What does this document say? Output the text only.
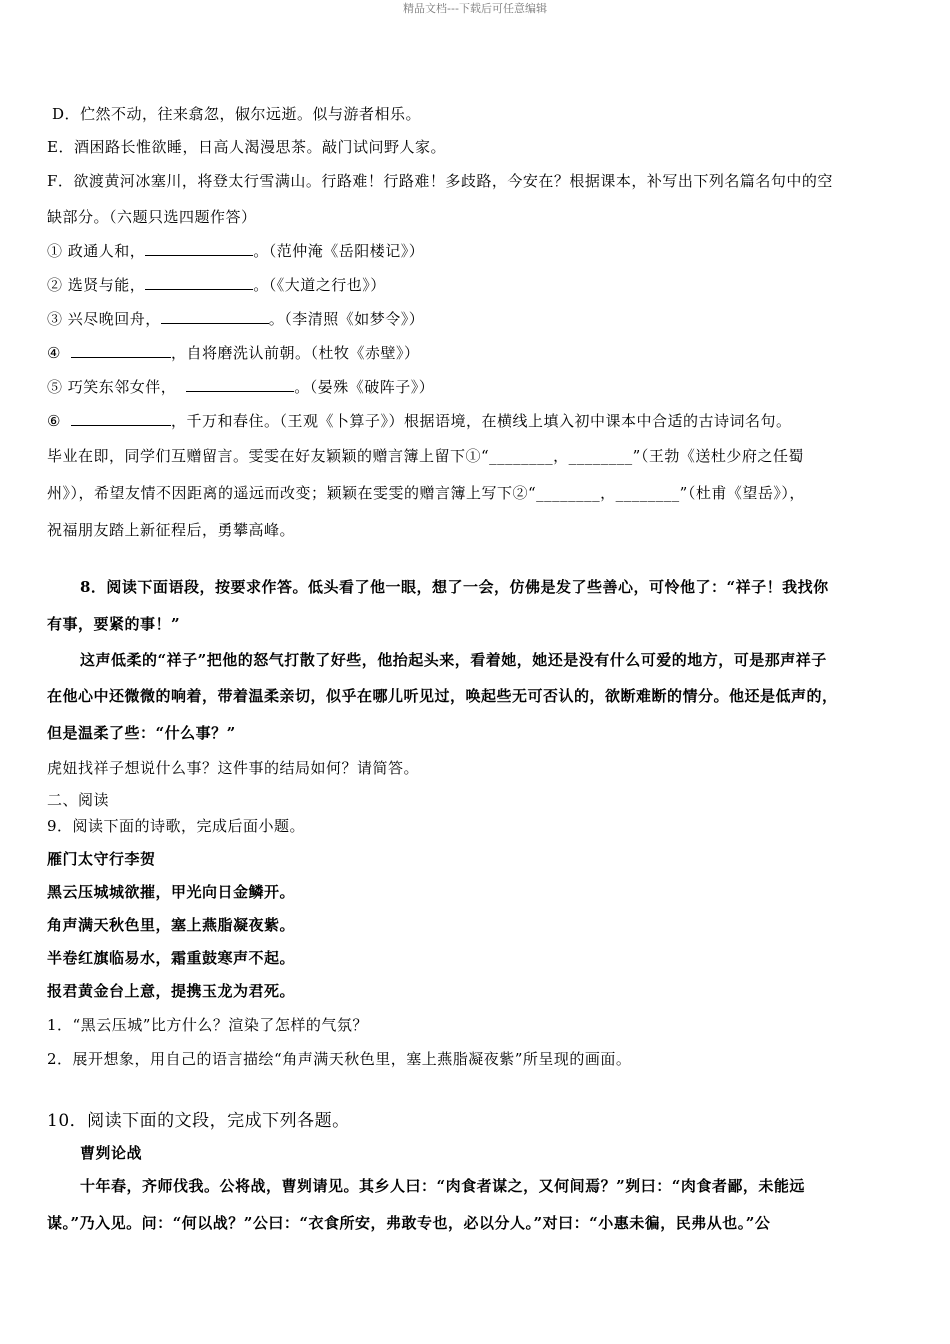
精品文档---下载后可任意编辑
D．伫然不动，往来翕忽，俶尔远逝。似与游者相乐。
E．酒困路长惟欲睡，日高人渴漫思茶。敲门试问野人家。
F．欲渡黄河冰塞川，将登太行雪满山。行路难！行路难！多歧路，今安在？根据课本，补写出下列名篇名句中的空
缺部分。（六题只选四题作答）
① 政通人和，	。（范仲淹《岳阳楼记》）
② 选贤与能，	。（《大道之行也》）
③ 兴尽晚回舟，	。（李清照《如梦令》）
④	，自将磨洗认前朝。（杜牧《赤壁》）
⑤ 巧笑东邻女伴，	。（晏殊《破阵子》）
⑥	，千万和春住。（王观《卜算子》）根据语境，在横线上填入初中课本中合适的古诗词名句。
毕业在即，同学们互赠留言。雯雯在好友颖颖的赠言簿上留下①“________，________”（王勃《送杜少府之任蜀
州》），希望友情不因距离的遥远而改变；颖颖在雯雯的赠言簿上写下②“________，________”（杜甫《望岳》），
祝福朋友踏上新征程后，勇攀高峰。
8．阅读下面语段，按要求作答。低头看了他一眼，想了一会，仿佛是发了些善心，可怜他了：“祥子！我找你
有事，要紧的事！”
这声低柔的“祥子”把他的怒气打散了好些，他抬起头来，看着她，她还是没有什么可爱的地方，可是那声祥子
在他心中还微微的响着，带着温柔亲切，似乎在哪儿听见过，唤起些无可否认的，欲断难断的情分。他还是低声的，
但是温柔了些：“什么事？”
虎妞找祥子想说什么事？这件事的结局如何？请简答。
二、阅读
9．阅读下面的诗歌，完成后面小题。
雁门太守行李贺
黑云压城城欲摧，甲光向日金鳞开。
角声满天秋色里，塞上燕脂凝夜紫。
半卷红旗临易水，霜重鼓寒声不起。
报君黄金台上意，提携玉龙为君死。
1．“黑云压城”比方什么？渲染了怎样的气氛？
2．展开想象，用自己的语言描绘“角声满天秋色里，塞上燕脂凝夜紫”所呈现的画面。
10．阅读下面的文段，完成下列各题。
曹刿论战
十年春，齐师伐我。公将战，曹刿请见。其乡人曰：“肉食者谋之，又何间焉？”刿曰：“肉食者鄙，未能远
谋。”乃入见。问：“何以战？”公曰：“衣食所安，弗敢专也，必以分人。”对曰：“小惠未徧，民弗从也。”公
